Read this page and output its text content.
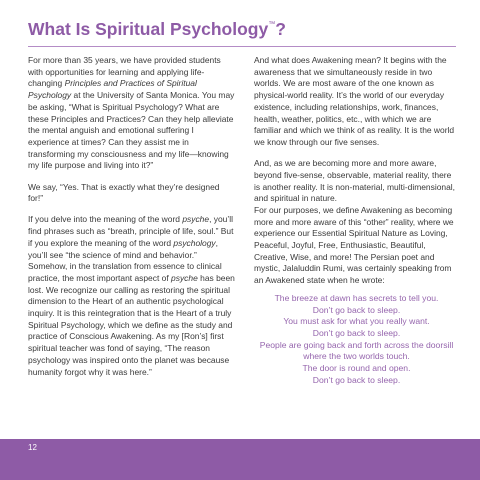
What Is Spiritual Psychology™?

For more than 35 years, we have provided students with opportunities for learning and applying life-changing Principles and Practices of Spiritual Psychology at the University of Santa Monica. You may be asking, “What is Spiritual Psychology? What are these Principles and Practices? Can they help alleviate the mental anguish and emotional suffering I experience at times? Can they assist me in transforming my consciousness and my life—knowing my life purpose and living into it?”

We say, “Yes. That is exactly what they’re designed for!”

If you delve into the meaning of the word psyche, you’ll find phrases such as “breath, principle of life, soul.” But if you explore the meaning of the word psychology, you’ll see “the science of mind and behavior.” Somehow, in the translation from essence to clinical practice, the most important aspect of psyche has been lost. We recognize our calling as restoring the spiritual dimension to the Heart of an authentic psychological inquiry. It is this reintegration that is the Heart of a truly Spiritual Psychology, which we define as the study and practice of Conscious Awakening. As my [Ron’s] first spiritual teacher was fond of saying, “The reason psychology was inspired onto the planet was because humanity forgot why it was here.”

And what does Awakening mean? It begins with the awareness that we simultaneously reside in two worlds. We are most aware of the one known as physical-world reality. It’s the world of our everyday existence, including relationships, work, finances, health, weather, politics, etc., with which we are familiar and which we think of as reality. It is the world we know through our five senses.

And, as we are becoming more and more aware, beyond five-sense, observable, material reality, there is another reality. It is non-material, multi-dimensional, and spiritual in nature.

For our purposes, we define Awakening as becoming more and more aware of this “other” reality, where we experience our Essential Spiritual Nature as Loving, Peaceful, Joyful, Free, Enthusiastic, Beautiful, Creative, Wise, and more! The Persian poet and mystic, Jalaluddin Rumi, was certainly speaking from an Awakened state when he wrote:

The breeze at dawn has secrets to tell you.
Don’t go back to sleep.
You must ask for what you really want.
Don’t go back to sleep.
People are going back and forth across the doorsill
where the two worlds touch.
The door is round and open.
Don’t go back to sleep.
12
